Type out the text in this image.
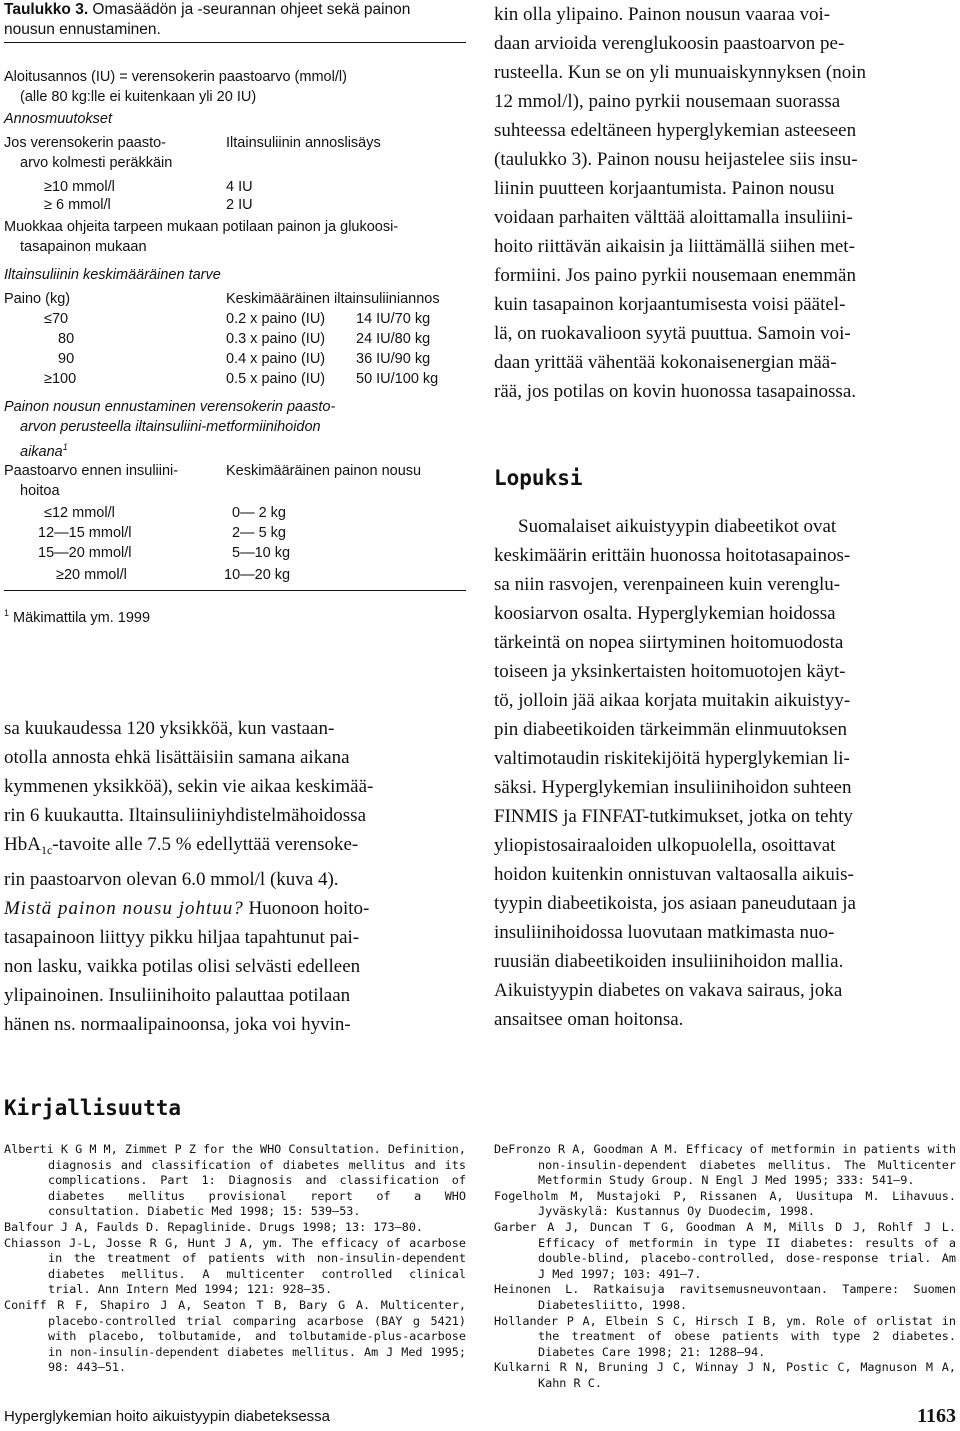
Taulukko 3. Omasäädön ja -seurannan ohjeet sekä painon
nousun ennustaminen.
Aloitusannos (IU) = verensokerin paastoarvo (mmol/l)
(alle 80 kg:lle ei kuitenkaan yli 20 IU)
Annosmuutokset
Jos verensokerin paasto-
arvo kolmesti peräkkäin
Iltainsuliinin annoslisäys
≥ 10 mmol/l	4 IU
≥  6 mmol/l	2 IU
Muokkaa ohjeita tarpeen mukaan potilaan painon ja glukoosi-
tasapainon mukaan
Iltainsuliinin keskimääräinen tarve
Paino (kg)	Keskimääräinen iltainsuliiniannos
≤ 70	0.2 x paino (IU) 14 IU/70 kg
80	0.3 x paino (IU) 24 IU/80 kg
90	0.4 x paino (IU) 36 IU/90 kg
≥ 100	0.5 x paino (IU) 50 IU/100 kg
Painon nousun ennustaminen verensokerin paasto-
arvon perusteella iltainsuliini-metformiinihoidon
aikana$^1$
Paastoarvo ennen insuliini-
hoitoa
Keskimääräinen painon nousu
≤ 12 mmol/l	0— 2 kg
12—15 mmol/l	2— 5 kg
15—20 mmol/l	5—10 kg
≥ 20 mmol/l	10—20 kg
$^1$ Mäkimattila ym. 1999
sa kuukaudessa 120 yksikköä, kun vastaan-
otolla annosta ehkä lisättäisiin samana aikana
kymmenen yksikköä), sekin vie aikaa keskimää-
rin 6 kuukautta. Iltainsuliiniyhdistelmähoidossa
HbA$_{1c}$-tavoite alle 7.5 % edellyttää verensoke-
rin paastoarvon olevan 6.0 mmol/l (kuva 4).
Mistä painon nousu johtuu? Huonoon hoito-
tasapainoon liittyy pikku hiljaa tapahtunut pai-
non lasku, vaikka potilas olisi selvästi edelleen
ylipainoinen. Insuliinihoito palauttaa potilaan
hänen ns. normaalipainoonsa, joka voi hyvin-
kin olla ylipaino. Painon nousun vaaraa voi-
daan arvioida verenglukoosin paastoarvon pe-
rusteella. Kun se on yli munuaiskynnyksen (noin
12 mmol/l), paino pyrkii nousemaan suorassa
suhteessa edeltäneen hyperglykemian asteeseen
(taulukko 3). Painon nousu heijastelee siis insu-
liinin puutteen korjaantumista. Painon nousu
voidaan parhaiten välttää aloittamalla insuliini-
hoito riittävän aikaisin ja liittämällä siihen met-
formiini. Jos paino pyrkii nousemaan enemmän
kuin tasapainon korjaantumisesta voisi päätel-
lä, on ruokavalioon syytä puuttua. Samoin voi-
daan yrittää vähentää kokonaisenergian mää-
rää, jos potilas on kovin huonossa tasapainossa.
Lopuksi
Suomalaiset aikuistyypin diabeetikot ovat
keskimäärin erittäin huonossa hoitotasapainos-
sa niin rasvojen, verenpaineen kuin verenglu-
koosiarvon osalta. Hyperglykemian hoidossa
tärkeintä on nopea siirtyminen hoitomuodosta
toiseen ja yksinkertaisten hoitomuotojen käyt-
tö, jolloin jää aikaa korjata muitakin aikuistyy-
pin diabeetikoiden tärkeimmän elinmuutoksen
valtimotaudin riskitekijöitä hyperglykemian li-
säksi. Hyperglykemian insuliinihoidon suhteen
FINMIS ja FINFAT-tutkimukset, jotka on tehty
yliopistosairaaloiden ulkopuolella, osoittavat
hoidon kuitenkin onnistuvan valtaosalla aikuis-
tyypin diabeetikoista, jos asiaan paneudutaan ja
insuliinihoidossa luovutaan matkimasta nuo-
ruusiän diabeetikoiden insuliinihoidon mallia.
Aikuistyypin diabetes on vakava sairaus, joka
ansaitsee oman hoitonsa.
Kirjallisuutta
Alberti K G M M, Zimmet P Z for the WHO Consultation. Definition, diagnosis and classification of diabetes mellitus and its complications. Part 1: Diagnosis and classification of diabetes mellitus provisional report of a WHO consultation. Diabetic Med 1998; 15: 539—53.
Balfour J A, Faulds D. Repaglinide. Drugs 1998; 13: 173—80.
Chiasson J-L, Josse R G, Hunt J A, ym. The efficacy of acarbose in the treatment of patients with non-insulin-dependent diabetes mellitus. A multicenter controlled clinical trial. Ann Intern Med 1994; 121: 928—35.
Coniff R F, Shapiro J A, Seaton T B, Bary G A. Multicenter, placebo-controlled trial comparing acarbose (BAY g 5421) with placebo, tolbutamide, and tolbutamide-plus-acarbose in non-insulin-dependent diabetes mellitus. Am J Med 1995; 98: 443—51.
DeFronzo R A, Goodman A M. Efficacy of metformin in patients with non-insulin-dependent diabetes mellitus. The Multicenter Metformin Study Group. N Engl J Med 1995; 333: 541—9.
Fogelholm M, Mustajoki P, Rissanen A, Uusitupa M. Lihavuus. Jyväskylä: Kustannus Oy Duodecim, 1998.
Garber A J, Duncan T G, Goodman A M, Mills D J, Rohlf J L. Efficacy of metformin in type II diabetes: results of a double-blind, placebo-controlled, dose-response trial. Am J Med 1997; 103: 491—7.
Heinonen L. Ratkaisuja ravitsemusneuvontaan. Tampere: Suomen Diabetesliitto, 1998.
Hollander P A, Elbein S C, Hirsch I B, ym. Role of orlistat in the treatment of obese patients with type 2 diabetes. Diabetes Care 1998; 21: 1288—94.
Kulkarni R N, Bruning J C, Winnay J N, Postic C, Magnuson M A, Kahn R C.
Hyperglykemian hoito aikuistyypin diabeteksessa	1163
